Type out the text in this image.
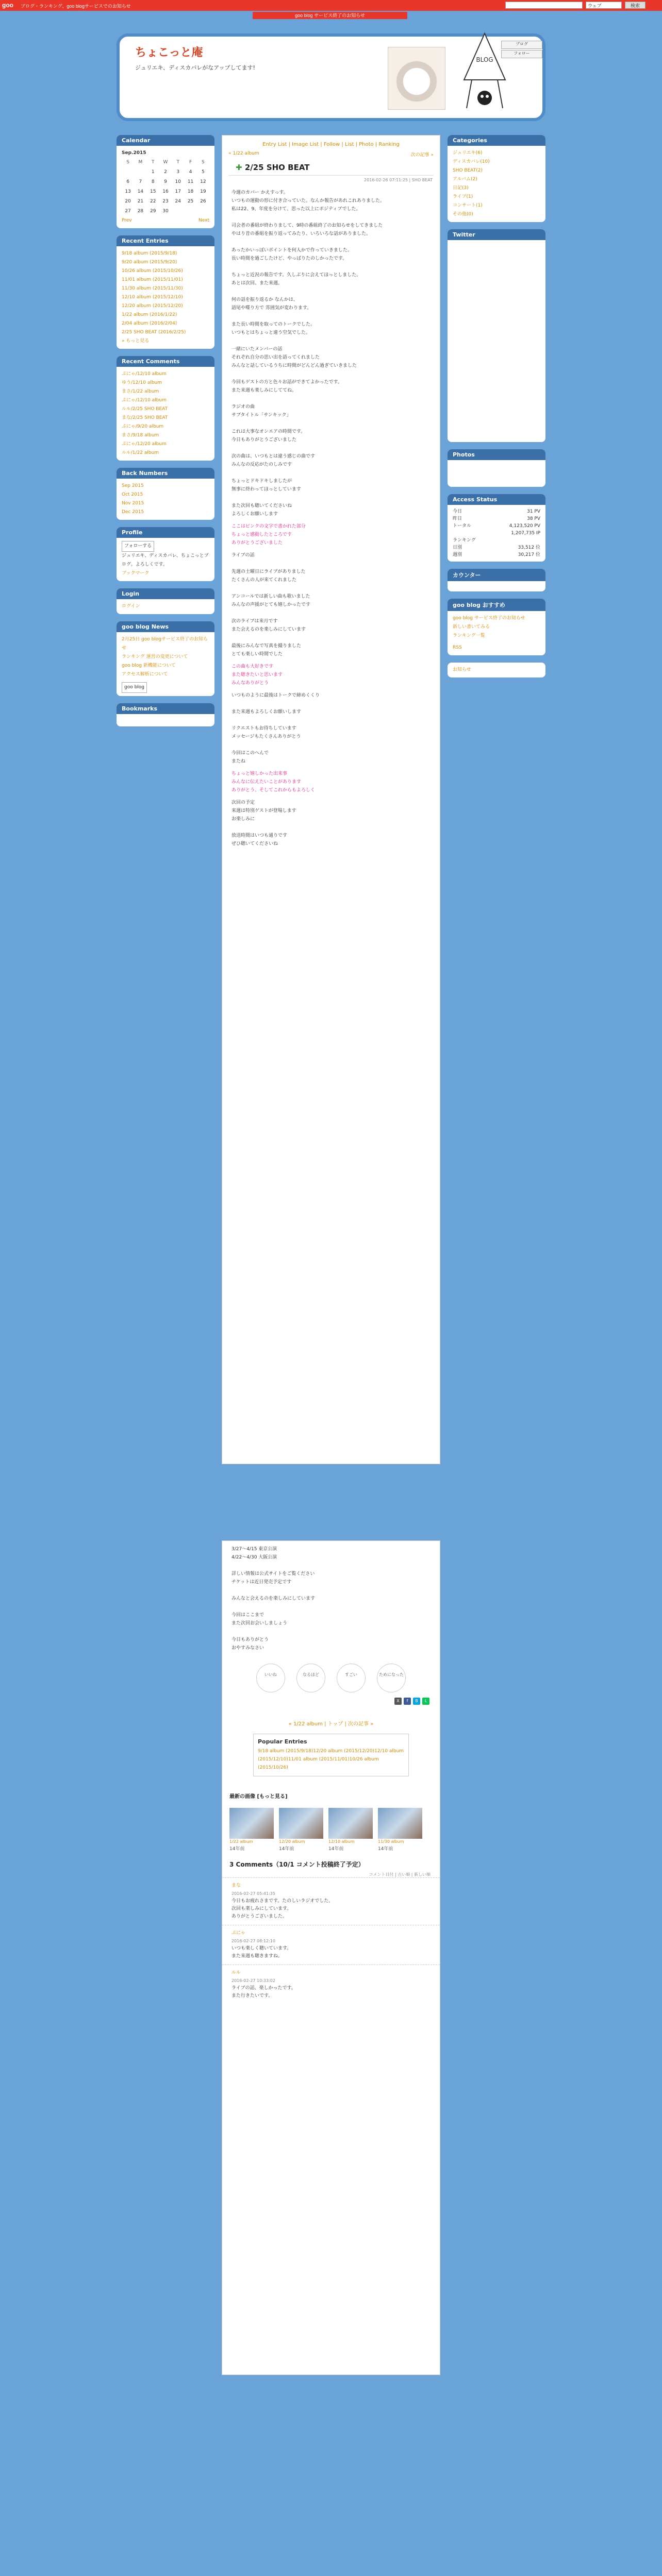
goo ブログ・ランキング、goo blogサービスでのお知らせ	ウェブ	検索
goo blog サービス終了のお知らせ
ちょこっと庵
ジュリエキ、ディスカバレがなアップしてます!
ブログ
フォロー
BLOG
Calendar
Sep.2015
S	M	T	W	T	F	S
		1	2	3	4	5
6	7	8	9	10	11	12
13	14	15	16	17	18	19
20	21	22	23	24	25	26
27	28	29	30			
Prev	Next
Recent Entries
9/18 album (2015/9/18)
9/20 album (2015/9/20)
10/26 album (2015/10/26)
11/01 album (2015/11/01)
11/30 album (2015/11/30)
12/10 album (2015/12/10)
12/20 album (2015/12/20)
1/22 album (2016/1/22)
2/04 album (2016/2/04)
2/25 SHO BEAT (2016/2/25)
» もっと見る
Recent Comments
ぷにゃ/12/10 album
ゆう/12/10 album
まさ/1/22 album
ぷにゃ/12/10 album
ルル/2/25 SHO BEAT
まな/2/25 SHO BEAT
ぷにゃ/9/20 album
まさ/9/18 album
ぷにゃ/12/20 album
ルル/1/22 album
Back Numbers
Sep 2015
Oct 2015
Nov 2015
Dec 2015
Profile
フォローする
ジュリエキ、ディスカバレ、ちょこっとブログ。よろしくです。
ブックマーク
Login
ログイン
goo blog News
2月25日 goo blogサービス終了のお知らせ
ランキング 運営の変更について
goo blog 新機能について
アクセス解析について
goo blog
Bookmarks
Categories
ジュリエキ(6)
ディスカバレ(10)
SHO BEAT(2)
アルバム(2)
日記(3)
ライブ(1)
コンサート(1)
その他(0)
Twitter
Photos
Access Status
今日	31 PV
昨日	38 PV
トータル	4,123,520 PV
1,207,735 IP
ランキング
日別	33,512 位
週別	30,217 位
カウンター
goo blog おすすめ
goo blog サービス終了のお知らせ
新しい書いてみる
ランキング一覧
RSS
お知らせ
Entry List | Image List | Follow | List | Photo | Ranking

« 1/22 album	次の記事 »
✚ 2/25 SHO BEAT
2016-02-26 07:11:25 | SHO BEAT
今週のカバー かえすっす。
いつもの運動の形に付き合っていた。なんか報告があれこれありました。
私は22、9、年度を分けて、思った以上にポジティブでした。

司会者の番組が終わりまして、9時の番組終了のお知らせをしてきました
やはり昔の番組を振り返ってみたり、いろいろな話がありました。

あったかいっぽいポイントを何人かで作っていきました。
長い時間を過ごしたけど、やっぱりたのしかったです。

ちょっと近況の報告です。久しぶりに会えてほっとしました。
あとは次回、また来週。
何の話を振り返るか なんかは、
語尾や喋り方で 雰囲気が変わります。

また長い時間を取ってのトークでした。
いつもとはちょっと違う空気でした。

一緒にいたメンバーの話
それぞれ自分の思い出を語ってくれました
みんなと話しているうちに時間がどんどん過ぎていきました

今回もゲストの方と色々お話ができてよかったです。
また来週も楽しみにしててね。
ラジオの曲
サブタイトル「サンキック」

これは大事なオンエアの時間です。
今日もありがとうございました

次の曲は、いつもとは違う感じの曲です
みんなの反応がたのしみです

ちょっとドキドキしましたが
無事に終わってほっとしています

また次回も聴いてくださいね
よろしくお願いします
ここはピンクの文字で書かれた部分
ちょっと感動したところです
ありがとうございました
ライブの話

先週の土曜日にライブがありました
たくさんの人が来てくれました

アンコールでは新しい曲も歌いました
みんなの声援がとても嬉しかったです

次のライブは来月です
また会えるのを楽しみにしています

最後にみんなで写真を撮りました
とても楽しい時間でした
この曲も大好きです
また聴きたいと思います
みんなありがとう
いつものように最後はトークで締めくくり

また来週もよろしくお願いします

リクエストもお待ちしています
メッセージもたくさんありがとう

今回はこのへんで
またね
ちょっと嬉しかった出来事
みんなに伝えたいことがあります
ありがとう、そしてこれからもよろしく
次回の予定
来週は特別ゲストが登場します
お楽しみに

放送時間はいつも通りです
ぜひ聴いてくださいね
3/27〜4/15 東京公演
4/22〜4/30 大阪公演

詳しい情報は公式サイトをご覧ください
チケットは近日発売予定です

みんなと会えるのを楽しみにしています

今回はここまで
また次回お会いしましょう

今日もありがとう
おやすみなさい
いいね	なるほど	すごい	ためになった
X	f	B	L
« 1/22 album | トップ | 次の記事 »
Popular Entries
9/18 album (2015/9/18)12/20 album (2015/12/20)12/10 album (2015/12/10)11/01 album (2015/11/01)10/26 album (2015/10/26)
最新の画像 [もっと見る]
1/22 album
14年前
12/20 album
14年前
12/10 album
14年前
11/30 album
14年前
3 Comments（10/1 コメント投稿終了予定）
コメント日付 | 古い順 | 新しい順
まな
2016-02-27 05:41:35
今日もお疲れさまです。たのしいラジオでした。
次回も楽しみにしています。
ありがとうございました。
ぷにゃ
2016-02-27 08:12:10
いつも楽しく聴いています。
また来週も聴きますね。
ルル
2016-02-27 10:33:02
ライブの話、楽しかったです。
また行きたいです。
